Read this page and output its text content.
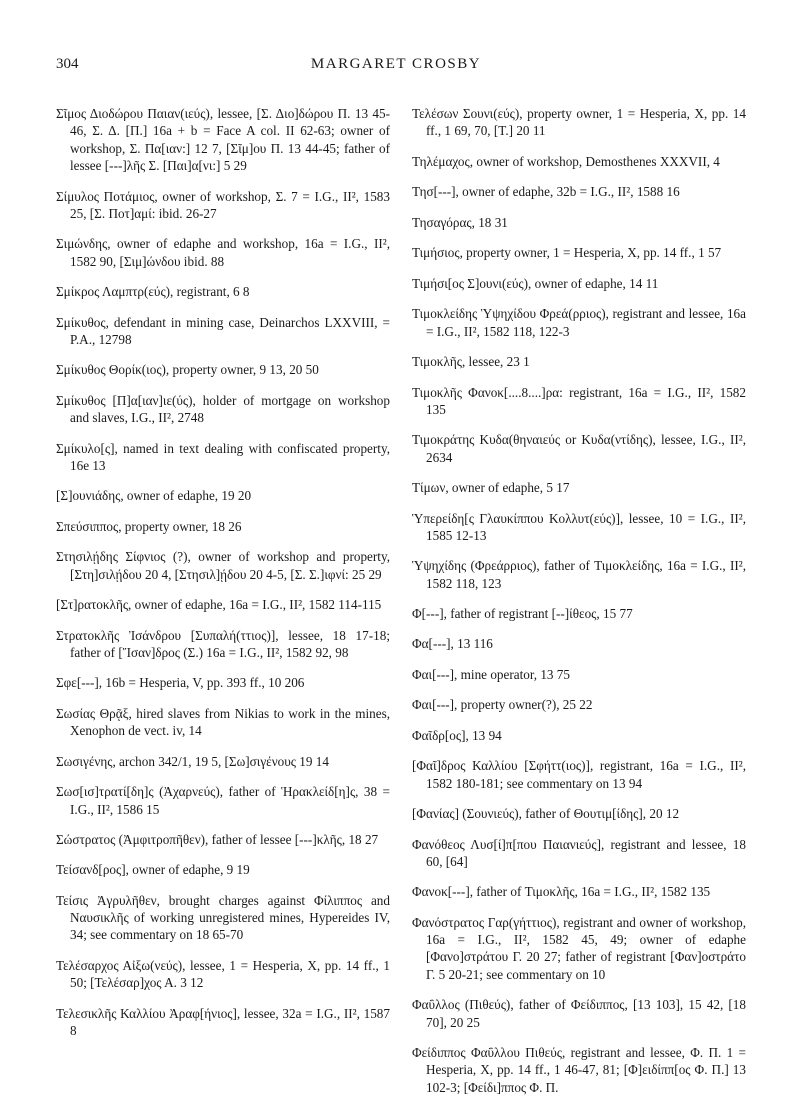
304	MARGARET CROSBY

Σῖμος Διοδώρου Παιαν(ιεύς), lessee, [Σ. Διο]δώρου Π. 13 45-46, Σ. Δ. [Π.] 16a + b = Face A col. II 62-63; owner of workshop, Σ. Πα[ιαν:] 12 7, [Σῖμ]ου Π. 13 44-45; father of lessee [---]λῆς Σ. [Παι]α[νι:] 5 29

Σίμυλος Ποτάμιος, owner of workshop, Σ. 7 = I.G., II², 1583 25, [Σ. Ποτ]αμί: ibid. 26-27

Σιμώνδης, owner of edaphe and workshop, 16a = I.G., II², 1582 90, [Σιμ]ώνδου ibid. 88

Σμίκρος Λαμπτρ(εύς), registrant, 6 8

Σμίκυθος, defendant in mining case, Deinarchos LXXVIII, = P.A., 12798

Σμίκυθος Θορίκ(ιος), property owner, 9 13, 20 50

Σμίκυθος [Π]α[ιαν]ιε(ύς), holder of mortgage on workshop and slaves, I.G., II², 2748

Σμίκυλο[ς], named in text dealing with confiscated property, 16e 13

[Σ]ουνιάδης, owner of edaphe, 19 20

Σπεύσιππος, property owner, 18 26

Στησιλῄδης Σίφνιος (?), owner of workshop and property, [Στη]σιλῄδου 20 4, [Στησιλ]ῄδου 20 4-5, [Σ. Σ.]ιφνί: 25 29

[Στ]ρατοκλῆς, owner of edaphe, 16a = I.G., II², 1582 114-115

Στρατοκλῆς Ἰσάνδρου [Συπαλή(ττιος)], lessee, 18 17-18; father of [Ἴσαν]δρος (Σ.) 16a = I.G., II², 1582 92, 98

Σφε[---], 16b = Hesperia, V, pp. 393 ff., 10 206

Σωσίας Θρᾷξ, hired slaves from Nikias to work in the mines, Xenophon de vect. iv, 14

Σωσιγένης, archon 342/1, 19 5, [Σω]σιγένους 19 14

Σωσ[ισ]τρατί[δη]ς (Ἀχαρνεύς), father of Ἡρακλείδ[η]ς, 38 = I.G., II², 1586 15

Σώστρατος (Ἀμφιτροπῆθεν), father of lessee [---]κλῆς, 18 27

Τείσανδ[ρος], owner of edaphe, 9 19

Τείσις Ἀγρυλῆθεν, brought charges against Φίλιππος and Ναυσικλῆς of working unregistered mines, Hypereides IV, 34; see commentary on 18 65-70

Τελέσαρχος Αἰξω(νεύς), lessee, 1 = Hesperia, X, pp. 14 ff., 1 50; [Τελέσαρ]χος Α. 3 12

Τελεσικλῆς Καλλίου Ἀραφ[ήνιος], lessee, 32a = I.G., II², 1587 8

Τελέσων Σουνι(εύς), property owner, 1 = Hesperia, X, pp. 14 ff., 1 69, 70, [T.] 20 11

Τηλέμαχος, owner of workshop, Demosthenes XXXVII, 4

Τησ[---], owner of edaphe, 32b = I.G., II², 1588 16

Τησαγόρας, 18 31

Τιμήσιος, property owner, 1 = Hesperia, X, pp. 14 ff., 1 57

Τιμήσι[ος Σ]ουνι(εύς), owner of edaphe, 14 11

Τιμοκλείδης Ὑψηχίδου Φρεά(ρριος), registrant and lessee, 16a = I.G., II², 1582 118, 122-3

Τιμοκλῆς, lessee, 23 1

Τιμοκλῆς Φανοκ[....8....]ρα: registrant, 16a = I.G., II², 1582 135

Τιμοκράτης Κυδα(θηναιεύς or Κυδα(ντίδης), lessee, I.G., II², 2634

Τίμων, owner of edaphe, 5 17

Ὑπερείδη[ς Γλαυκίππου Κολλυτ(εύς)], lessee, 10 = I.G., II², 1585 12-13

Ὑψηχίδης (Φρεάρριος), father of Τιμοκλείδης, 16a = I.G., II², 1582 118, 123

Φ[---], father of registrant [--]ίθεος, 15 77

Φα[---], 13 116

Φαι[---], mine operator, 13 75

Φαι[---], property owner(?), 25 22

Φαῖδρ[ος], 13 94

[Φαῖ]δρος Καλλίου [Σφήττ(ιος)], registrant, 16a = I.G., II², 1582 180-181; see commentary on 13 94

[Φανίας] (Σουνιεύς), father of Θουτιμ[ίδης], 20 12

Φανόθεος Λυσ[ί]π[που Παιανιεύς], registrant and lessee, 18 60, [64]

Φανοκ[---], father of Τιμοκλῆς, 16a = I.G., II², 1582 135

Φανόστρατος Γαρ(γήττιος), registrant and owner of workshop, 16a = I.G., II², 1582 45, 49; owner of edaphe [Φανο]στράτου Γ. 20 27; father of registrant [Φαν]οστράτο Γ. 5 20-21; see commentary on 10

Φαΰλλος (Πιθεύς), father of Φείδιππος, [13 103], 15 42, [18 70], 20 25

Φείδιππος Φαΰλλου Πιθεύς, registrant and lessee, Φ. Π. 1 = Hesperia, X, pp. 14 ff., 1 46-47, 81; [Φ]ειδίππ[ος Φ. Π.] 13 102-3; [Φείδι]ππος Φ. Π.
